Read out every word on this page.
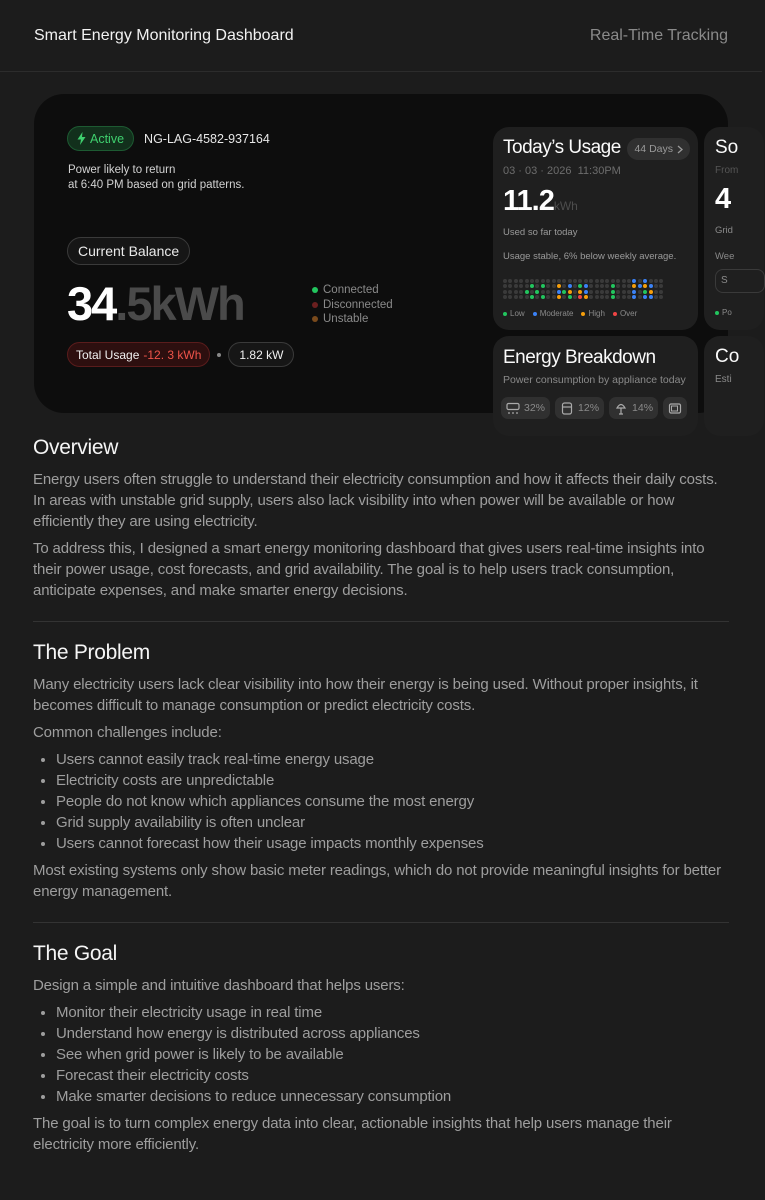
Smart Energy Monitoring Dashboard	Real-Time Tracking
Active NG-LAG-4582-937164
Power likely to return
at 6:40 PM based on grid patterns.
Current Balance
34.5kWh	Connected
Disconnected
Unstable
Total Usage -12. 3 kWh	1.82 kW
Today’s Usage 44 Days
03 · 03 · 2026 11:30PM
11.2kWh
Used so far today
Usage stable, 6% below weekly average.
Low Moderate High Over
Energy Breakdown
Power consumption by appliance today
32%	12%	14%
So
From
4
Grid
Wee
S
Po
Co
Esti
Overview

Energy users often struggle to understand their electricity consumption and how it affects their daily costs. In areas with unstable grid supply, users also lack visibility into when power will be available or how efficiently they are using electricity.

To address this, I designed a smart energy monitoring dashboard that gives users real-time insights into their power usage, cost forecasts, and grid availability. The goal is to help users track consumption, anticipate expenses, and make smarter energy decisions.

The Problem

Many electricity users lack clear visibility into how their energy is being used. Without proper insights, it becomes difficult to manage consumption or predict electricity costs.

Common challenges include:

Users cannot easily track real-time energy usage
Electricity costs are unpredictable
People do not know which appliances consume the most energy
Grid supply availability is often unclear
Users cannot forecast how their usage impacts monthly expenses

Most existing systems only show basic meter readings, which do not provide meaningful insights for better energy management.

The Goal

Design a simple and intuitive dashboard that helps users:

Monitor their electricity usage in real time
Understand how energy is distributed across appliances
See when grid power is likely to be available
Forecast their electricity costs
Make smarter decisions to reduce unnecessary consumption

The goal is to turn complex energy data into clear, actionable insights that help users manage their electricity more efficiently.
